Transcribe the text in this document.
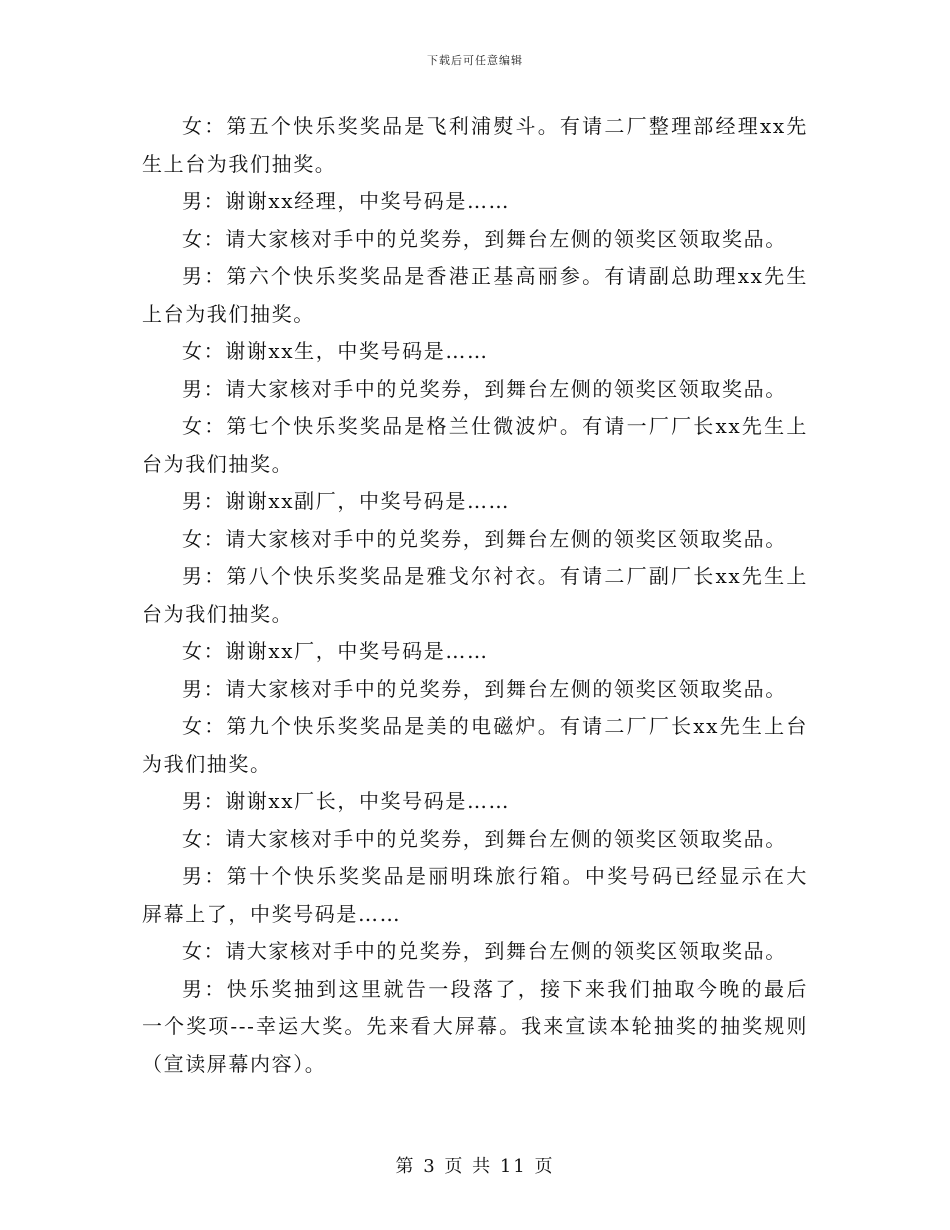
下载后可任意编辑

女：第五个快乐奖奖品是飞利浦熨斗。有请二厂整理部经理xx先生上台为我们抽奖。

男：谢谢xx经理，中奖号码是……

女：请大家核对手中的兑奖券，到舞台左侧的领奖区领取奖品。

男：第六个快乐奖奖品是香港正基高丽参。有请副总助理xx先生上台为我们抽奖。

女：谢谢xx生，中奖号码是……

男：请大家核对手中的兑奖券，到舞台左侧的领奖区领取奖品。

女：第七个快乐奖奖品是格兰仕微波炉。有请一厂厂长xx先生上台为我们抽奖。

男：谢谢xx副厂，中奖号码是……

女：请大家核对手中的兑奖券，到舞台左侧的领奖区领取奖品。

男：第八个快乐奖奖品是雅戈尔衬衣。有请二厂副厂长xx先生上台为我们抽奖。

女：谢谢xx厂，中奖号码是……

男：请大家核对手中的兑奖券，到舞台左侧的领奖区领取奖品。

女：第九个快乐奖奖品是美的电磁炉。有请二厂厂长xx先生上台为我们抽奖。

男：谢谢xx厂长，中奖号码是……

女：请大家核对手中的兑奖券，到舞台左侧的领奖区领取奖品。

男：第十个快乐奖奖品是丽明珠旅行箱。中奖号码已经显示在大屏幕上了，中奖号码是……

女：请大家核对手中的兑奖券，到舞台左侧的领奖区领取奖品。

男：快乐奖抽到这里就告一段落了，接下来我们抽取今晚的最后一个奖项---幸运大奖。先来看大屏幕。我来宣读本轮抽奖的抽奖规则（宣读屏幕内容）。

第 3 页 共 11 页
